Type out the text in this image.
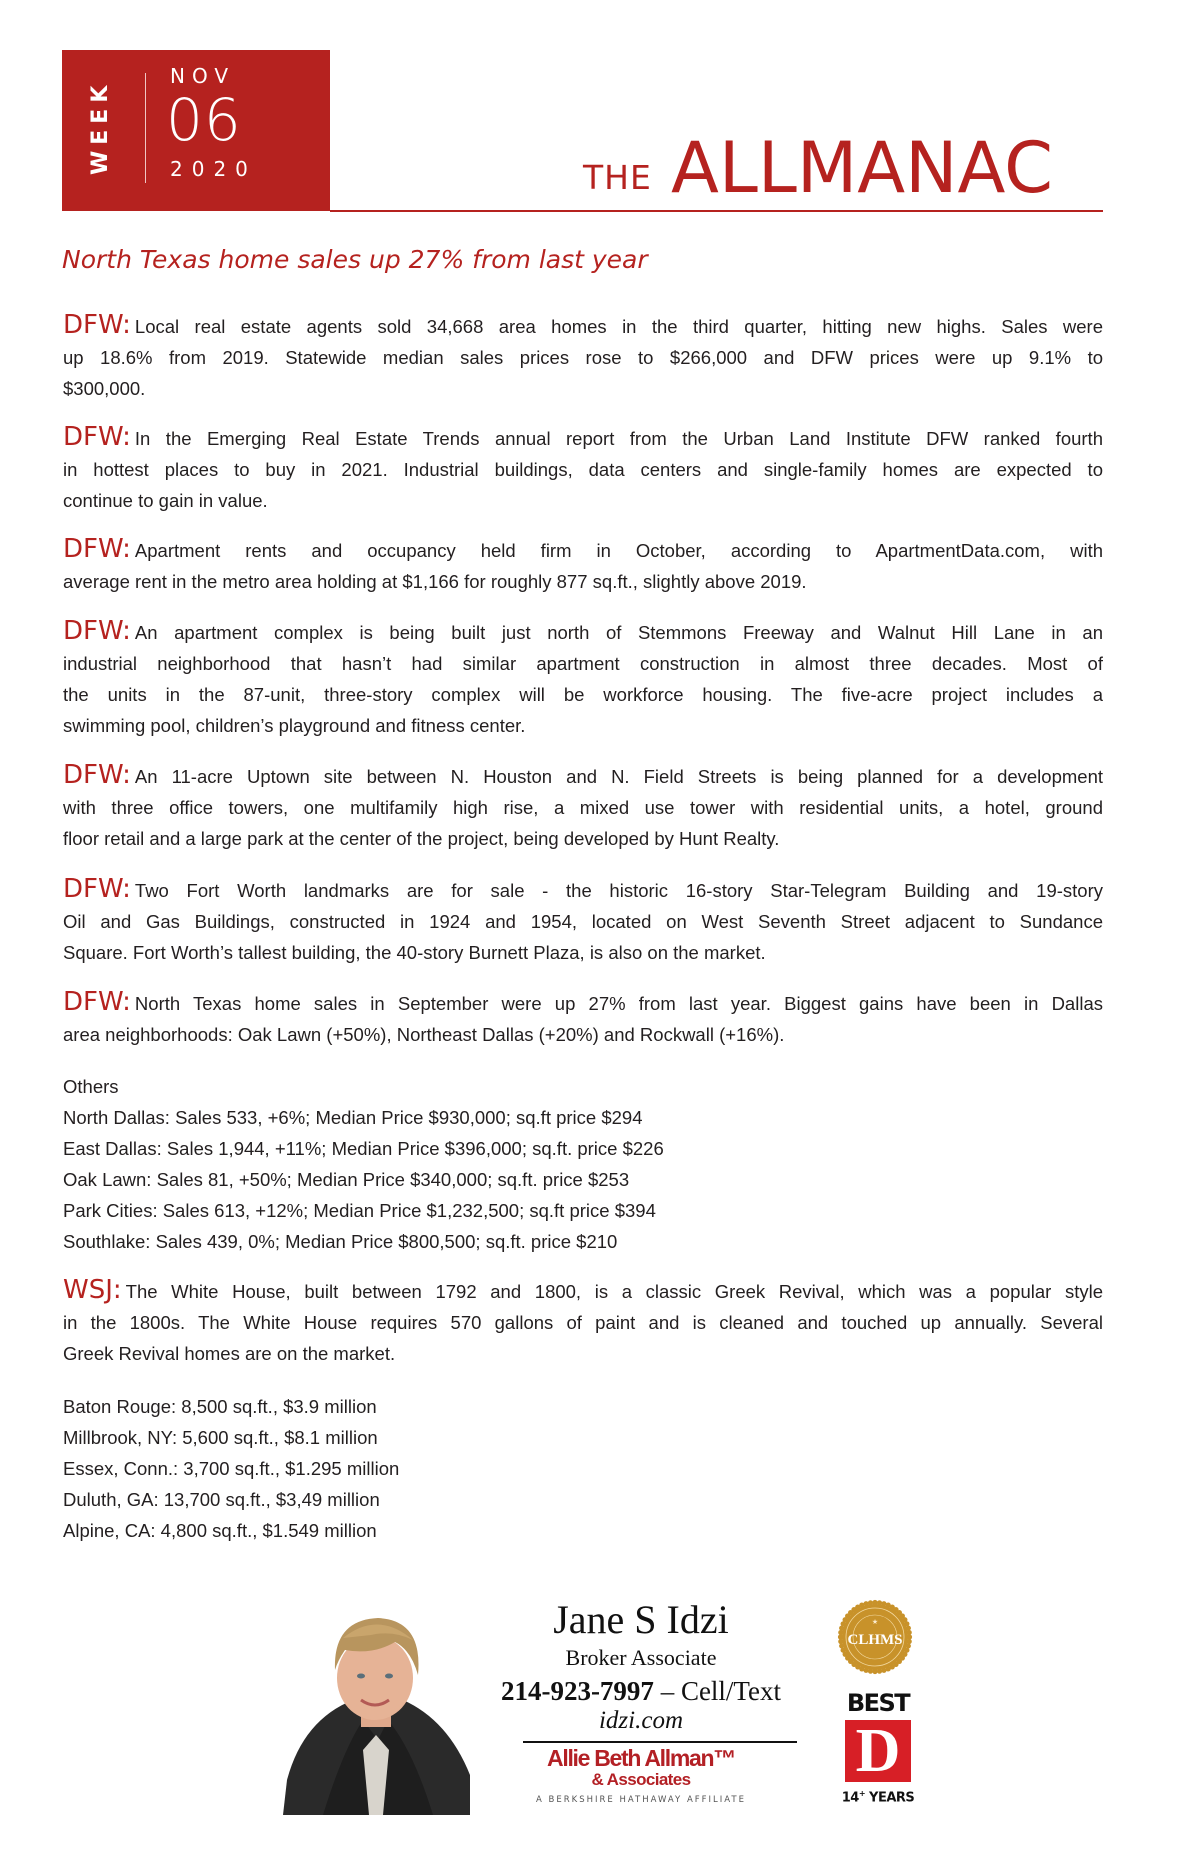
WEEK
NOV
06
2020	THE ALLMANAC
North Texas home sales up 27% from last year
DFW: Local real estate agents sold 34,668 area homes in the third quarter, hitting new highs. Sales were
up 18.6% from 2019. Statewide median sales prices rose to $266,000 and DFW prices were up 9.1% to
$300,000.
DFW: In the Emerging Real Estate Trends annual report from the Urban Land Institute DFW ranked fourth
in hottest places to buy in 2021. Industrial buildings, data centers and single-family homes are expected to
continue to gain in value.
DFW: Apartment rents and occupancy held firm in October, according to ApartmentData.com, with
average rent in the metro area holding at $1,166 for roughly 877 sq.ft., slightly above 2019.
DFW: An apartment complex is being built just north of Stemmons Freeway and Walnut Hill Lane in an
industrial neighborhood that hasn’t had similar apartment construction in almost three decades. Most of
the units in the 87-unit, three-story complex will be workforce housing. The five-acre project includes a
swimming pool, children’s playground and fitness center.
DFW: An 11-acre Uptown site between N. Houston and N. Field Streets is being planned for a development
with three office towers, one multifamily high rise, a mixed use tower with residential units, a hotel, ground
floor retail and a large park at the center of the project, being developed by Hunt Realty.
DFW: Two Fort Worth landmarks are for sale - the historic 16-story Star-Telegram Building and 19-story
Oil and Gas Buildings, constructed in 1924 and 1954, located on West Seventh Street adjacent to Sundance
Square. Fort Worth’s tallest building, the 40-story Burnett Plaza, is also on the market.
DFW: North Texas home sales in September were up 27% from last year. Biggest gains have been in Dallas
area neighborhoods: Oak Lawn (+50%), Northeast Dallas (+20%) and Rockwall (+16%).
Others
North Dallas: Sales 533, +6%; Median Price $930,000; sq.ft price $294
East Dallas: Sales 1,944, +11%; Median Price $396,000; sq.ft. price $226
Oak Lawn: Sales 81, +50%; Median Price $340,000; sq.ft. price $253
Park Cities: Sales 613, +12%; Median Price $1,232,500; sq.ft price $394
Southlake: Sales 439, 0%; Median Price $800,500; sq.ft. price $210
WSJ: The White House, built between 1792 and 1800, is a classic Greek Revival, which was a popular style
in the 1800s. The White House requires 570 gallons of paint and is cleaned and touched up annually. Several
Greek Revival homes are on the market.
Baton Rouge: 8,500 sq.ft., $3.9 million
Millbrook, NY: 5,600 sq.ft., $8.1 million
Essex, Conn.: 3,700 sq.ft., $1.295 million
Duluth, GA: 13,700 sq.ft., $3,49 million
Alpine, CA: 4,800 sq.ft., $1.549 million
Jane S Idzi
Broker Associate
214-923-7997 – Cell/Text
idzi.com
Allie Beth Allman™
& Associates
A BERKSHIRE HATHAWAY AFFILIATE
★
CLHMS
BEST
D
14+ YEARS
